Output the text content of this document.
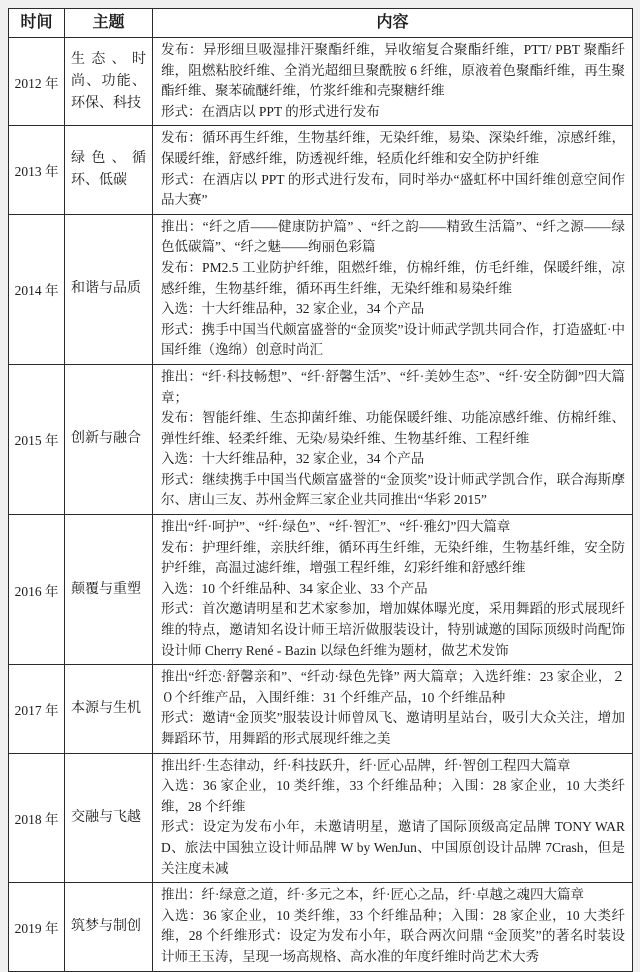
时间	主题	内容
2012 年	生态、时尚、功能、环保、科技	发布：异形细旦吸湿排汗聚酯纤维，异收缩复合聚酯纤维，PTT/ PBT 聚酯纤维，阻燃粘胶纤维、全消光超细旦聚酰胺 6 纤维，原液着色聚酯纤维，再生聚酯纤维、聚苯硫醚纤维，竹浆纤维和壳聚糖纤维

形式：在酒店以 PPT 的形式进行发布

2013 年	绿色、循环、低碳	发布：循环再生纤维，生物基纤维，无染纤维，易染、深染纤维，凉感纤维，保暖纤维，舒感纤维，防透视纤维，轻质化纤维和安全防护纤维

形式：在酒店以 PPT 的形式进行发布，同时举办“盛虹杯中国纤维创意空间作品大赛”

2014 年	和谐与品质	推出：“纤之盾——健康防护篇” 、“纤之韵——精致生活篇”、“纤之源——绿色低碳篇”、“纤之魅——绚丽色彩篇

发布：PM2.5 工业防护纤维，阻燃纤维，仿棉纤维，仿毛纤维，保暖纤维，凉感纤维，生物基纤维，循环再生纤维，无染纤维和易染纤维

入选：十大纤维品种，32 家企业，34 个产品

形式：携手中国当代颇富盛誉的“金顶奖”设计师武学凯共同合作，打造盛虹·中国纤维（逸绵）创意时尚汇

2015 年	创新与融合	推出：“纤·科技畅想”、“纤·舒馨生活”、“纤·美妙生态”、“纤·安全防御”四大篇章；

发布：智能纤维、生态抑菌纤维、功能保暖纤维、功能凉感纤维、仿棉纤维、弹性纤维、轻柔纤维、无染/易染纤维、生物基纤维、工程纤维

入选：十大纤维品种，32 家企业，34 个产品

形式：继续携手中国当代颇富盛誉的“金顶奖”设计师武学凯合作，联合海斯摩尔、唐山三友、苏州金辉三家企业共同推出“华彩 2015”

2016 年	颠覆与重塑	推出“纤·呵护”、“纤·绿色”、“纤·智汇”、“纤·雅幻”四大篇章

发布：护理纤维，亲肤纤维，循环再生纤维，无染纤维，生物基纤维，安全防护纤维，高温过滤纤维，增强工程纤维，幻彩纤维和舒感纤维

入选：10 个纤维品种、34 家企业、33 个产品

形式：首次邀请明星和艺术家参加，增加媒体曝光度，采用舞蹈的形式展现纤维的特点，邀请知名设计师王培沂做服装设计，特别诚邀的国际顶级时尚配饰设计师 Cherry René - Bazin 以绿色纤维为题材，做艺术发饰

2017 年	本源与生机	推出“纤恋·舒馨亲和”、“纤动·绿色先锋” 两大篇章；入选纤维：23 家企业，２０个纤维产品，入围纤维：31 个纤维产品，10 个纤维品种

形式：邀请“金顶奖”服装设计师曾凤飞、邀请明星站台，吸引大众关注，增加舞蹈环节，用舞蹈的形式展现纤维之美

2018 年	交融与飞越	推出纤·生态律动，纤·科技跃升，纤·匠心品牌，纤·智创工程四大篇章

入选：36 家企业，10 类纤维，33 个纤维品种；入围：28 家企业，10 大类纤维，28 个纤维

形式：设定为发布小年，未邀请明星，邀请了国际顶级高定品牌 TONY WARD、旅法中国独立设计师品牌 W by WenJun、中国原创设计品牌 7Crash，但是关注度未减

2019 年	筑梦与制创	推出：纤·绿意之道，纤·多元之本，纤·匠心之品，纤·卓越之魂四大篇章

入选：36 家企业，10 类纤维，33 个纤维品种；入围：28 家企业，10 大类纤维，28 个纤维形式：设定为发布小年，联合两次问鼎 “金顶奖”的著名时装设计师王玉涛，呈现一场高规格、高水准的年度纤维时尚艺术大秀
